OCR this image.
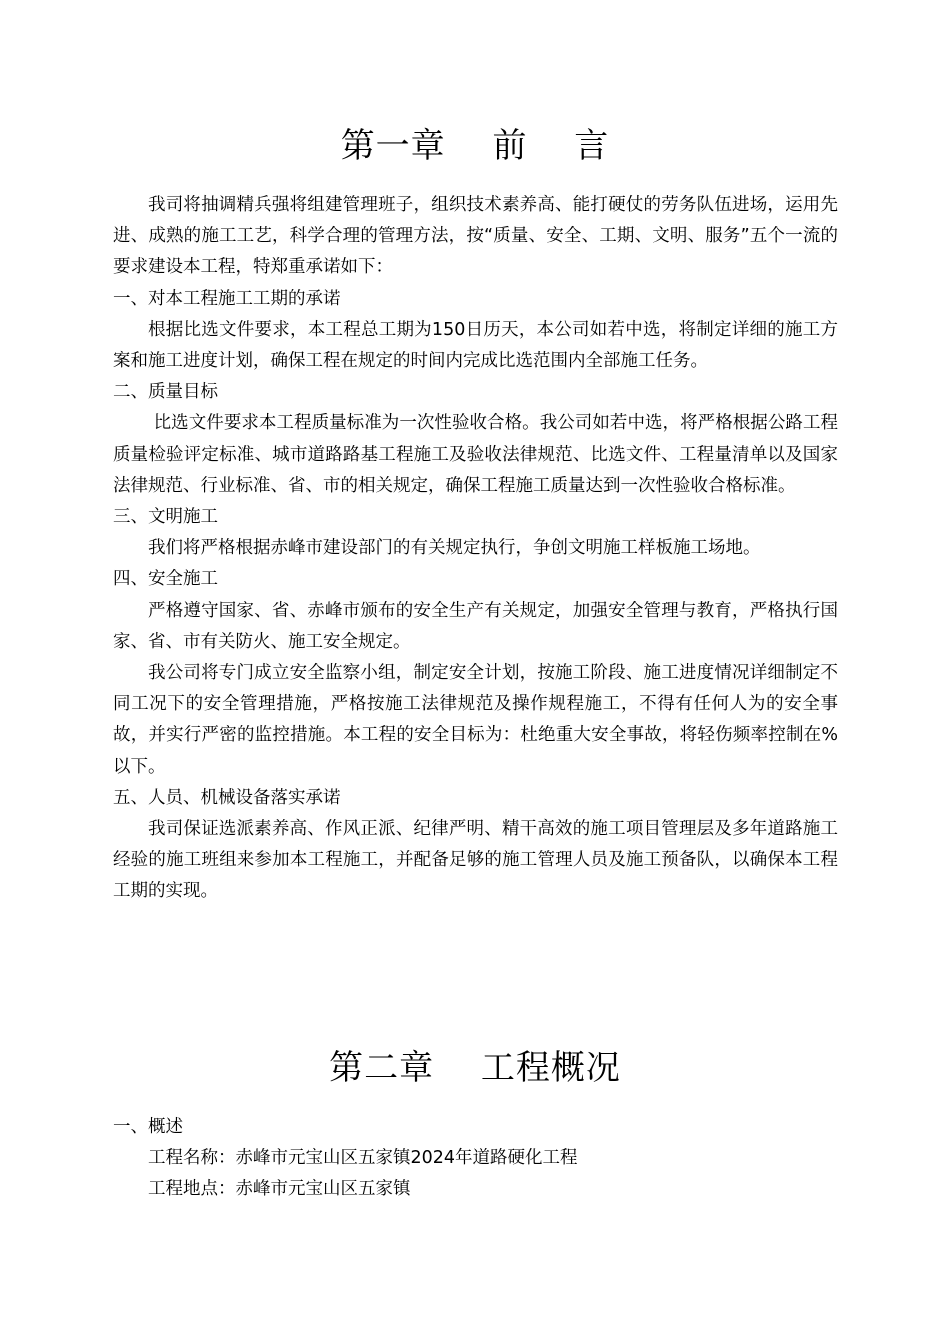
第一章　 前　 言

我司将抽调精兵强将组建管理班子，组织技术素养高、能打硬仗的劳务队伍进场，运用先进、成熟的施工工艺，科学合理的管理方法，按“质量、安全、工期、文明、服务”五个一流的要求建设本工程，特郑重承诺如下：

一、对本工程施工工期的承诺

根据比选文件要求，本工程总工期为150日历天，本公司如若中选，将制定详细的施工方案和施工进度计划，确保工程在规定的时间内完成比选范围内全部施工任务。

二、质量目标

比选文件要求本工程质量标准为一次性验收合格。我公司如若中选，将严格根据公路工程质量检验评定标准、城市道路路基工程施工及验收法律规范、比选文件、工程量清单以及国家法律规范、行业标准、省、市的相关规定，确保工程施工质量达到一次性验收合格标准。

三、文明施工

我们将严格根据赤峰市建设部门的有关规定执行，争创文明施工样板施工场地。

四、安全施工

严格遵守国家、省、赤峰市颁布的安全生产有关规定，加强安全管理与教育，严格执行国家、省、市有关防火、施工安全规定。

我公司将专门成立安全监察小组，制定安全计划，按施工阶段、施工进度情况详细制定不同工况下的安全管理措施，严格按施工法律规范及操作规程施工，不得有任何人为的安全事故，并实行严密的监控措施。本工程的安全目标为：杜绝重大安全事故，将轻伤频率控制在%以下。

五、人员、机械设备落实承诺

我司保证选派素养高、作风正派、纪律严明、精干高效的施工项目管理层及多年道路施工经验的施工班组来参加本工程施工，并配备足够的施工管理人员及施工预备队，以确保本工程工期的实现。

第二章　 工程概况

一、概述

工程名称：赤峰市元宝山区五家镇2024年道路硬化工程

工程地点：赤峰市元宝山区五家镇
